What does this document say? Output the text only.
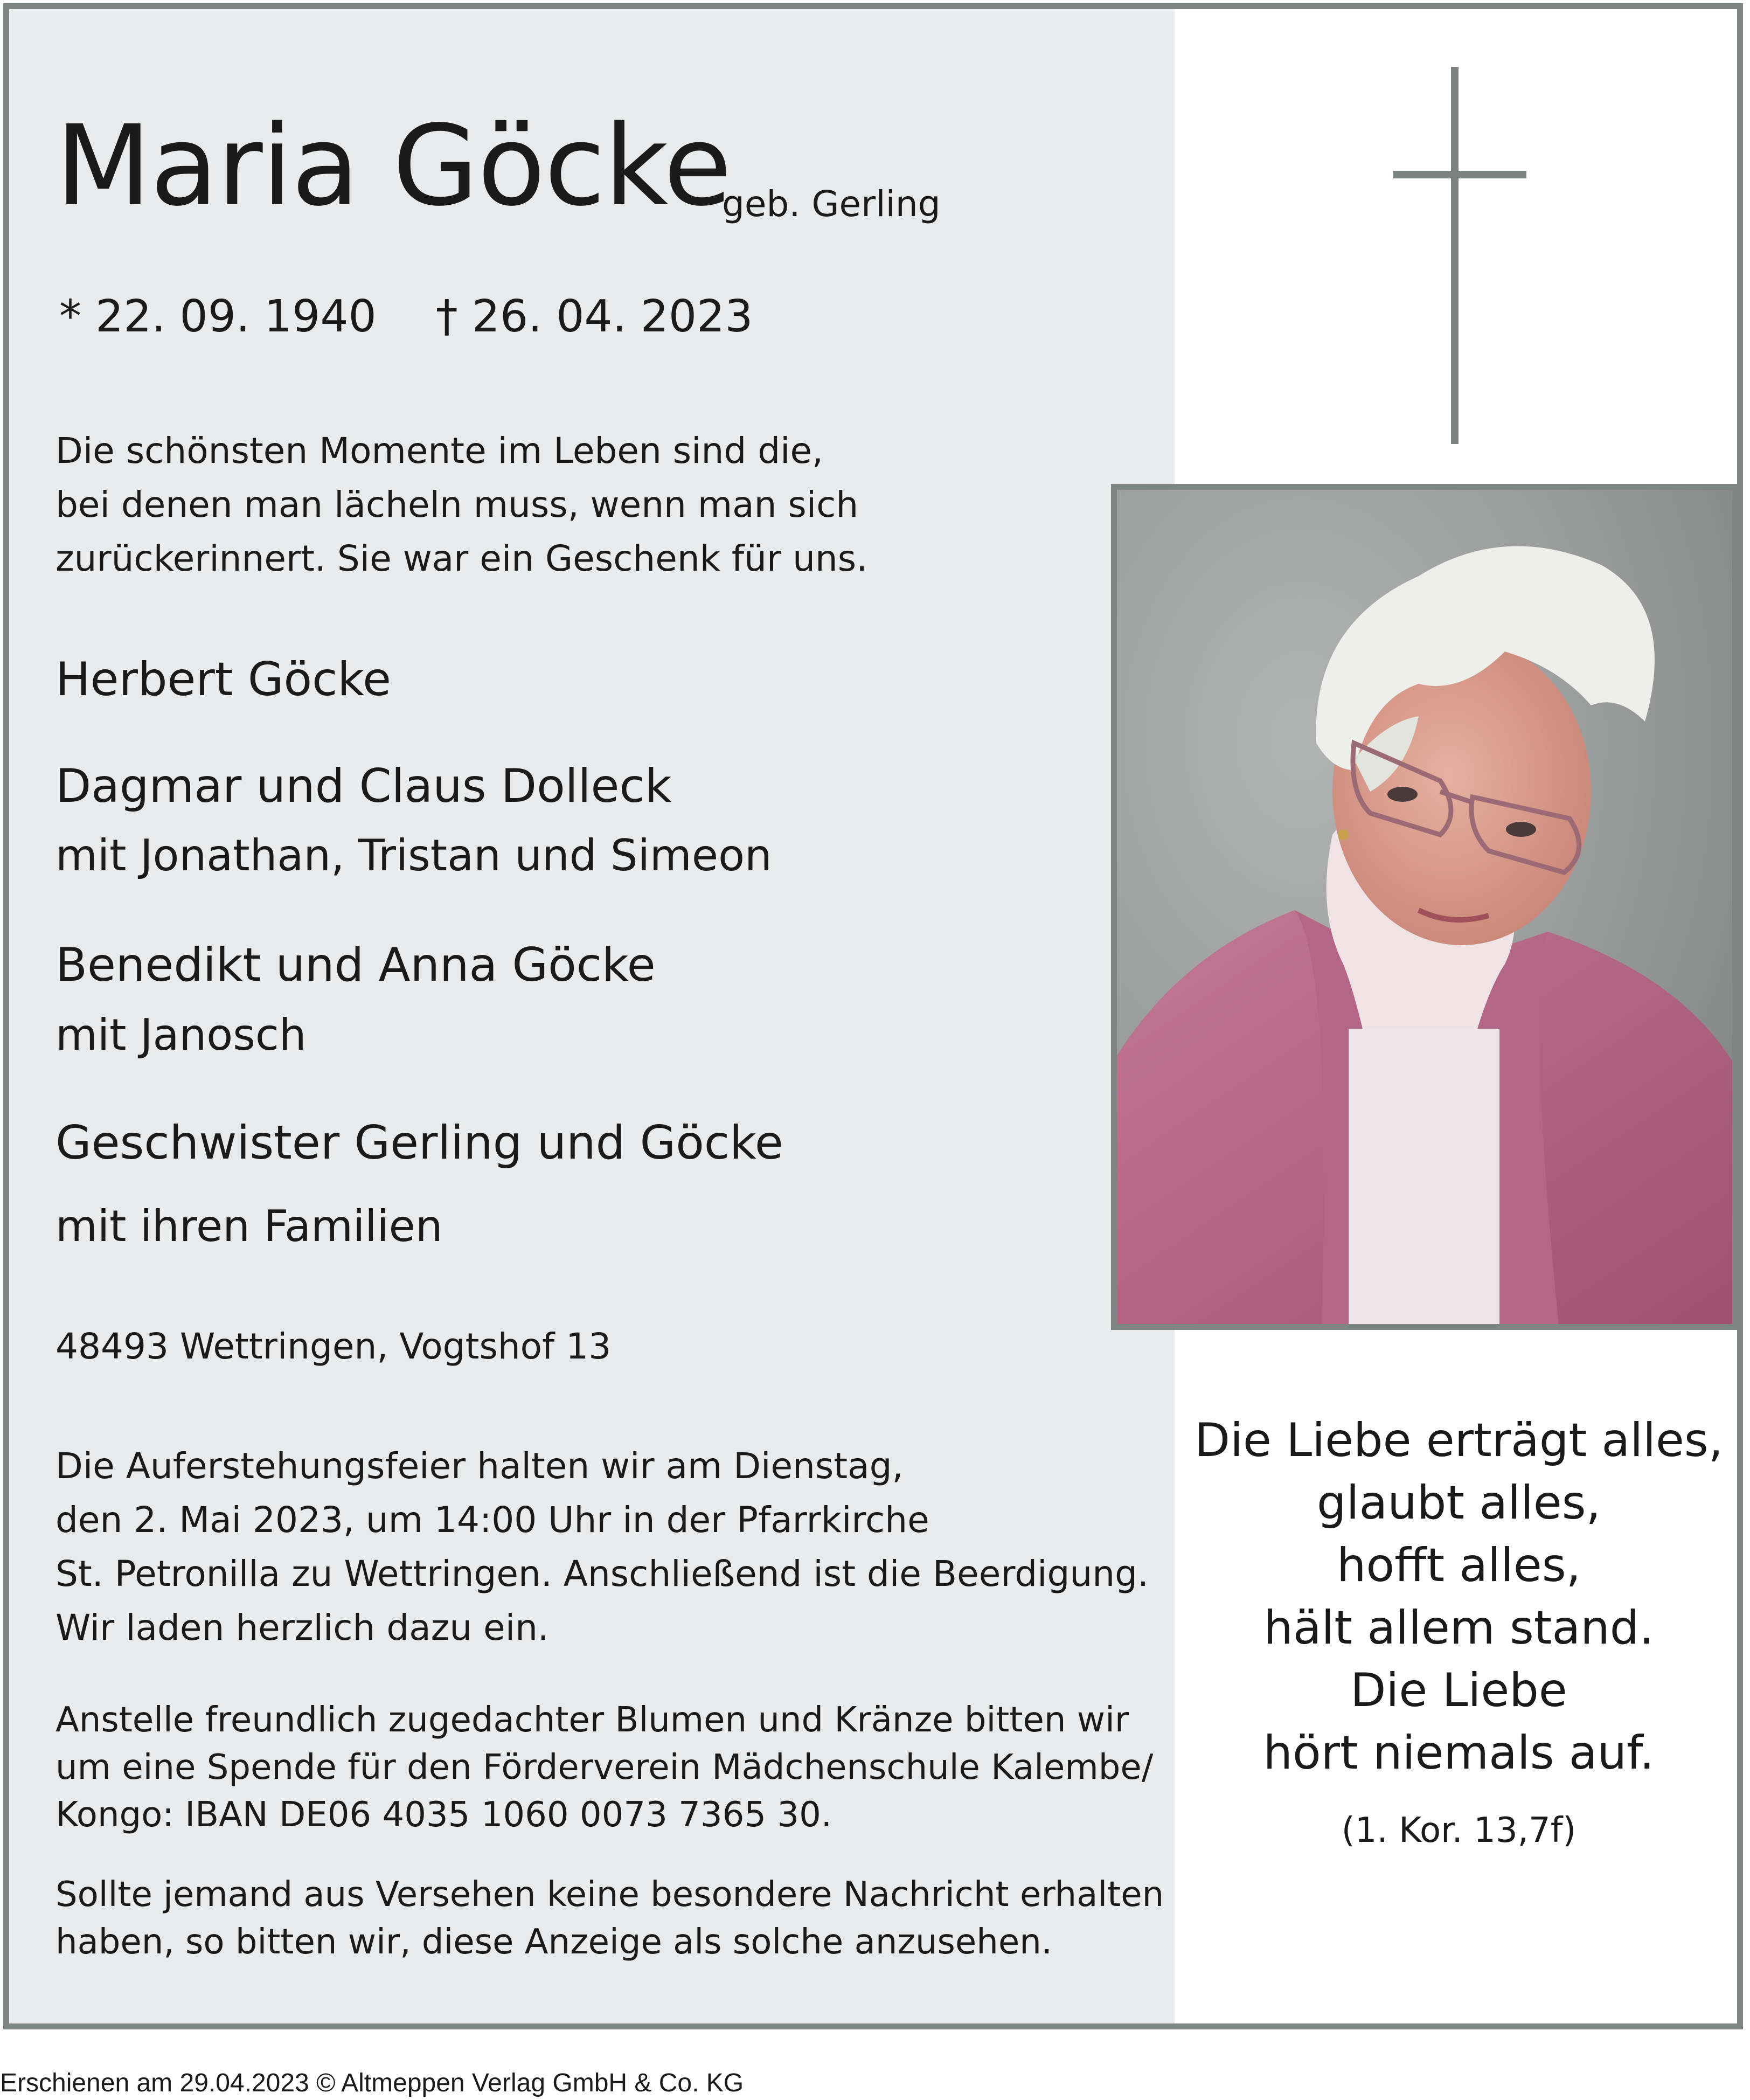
Maria Göcke
geb. Gerling
* 22. 09. 1940 † 26. 04. 2023
Die schönsten Momente im Leben sind die,
bei denen man lächeln muss, wenn man sich
zurückerinnert. Sie war ein Geschenk für uns.
Herbert Göcke
Dagmar und Claus Dolleck
mit Jonathan, Tristan und Simeon
Benedikt und Anna Göcke
mit Janosch
Geschwister Gerling und Göcke
mit ihren Familien
48493 Wettringen, Vogtshof 13
Die Auferstehungsfeier halten wir am Dienstag,
den 2. Mai 2023, um 14:00 Uhr in der Pfarrkirche
St. Petronilla zu Wettringen. Anschließend ist die Beerdigung.
Wir laden herzlich dazu ein.
Anstelle freundlich zugedachter Blumen und Kränze bitten wir
um eine Spende für den Förderverein Mädchenschule Kalembe/
Kongo: IBAN DE06 4035 1060 0073 7365 30.
Sollte jemand aus Versehen keine besondere Nachricht erhalten
haben, so bitten wir, diese Anzeige als solche anzusehen.
Die Liebe erträgt alles,
glaubt alles,
hofft alles,
hält allem stand.
Die Liebe
hört niemals auf.
(1. Kor. 13,7f)
Erschienen am 29.04.2023 © Altmeppen Verlag GmbH & Co. KG
